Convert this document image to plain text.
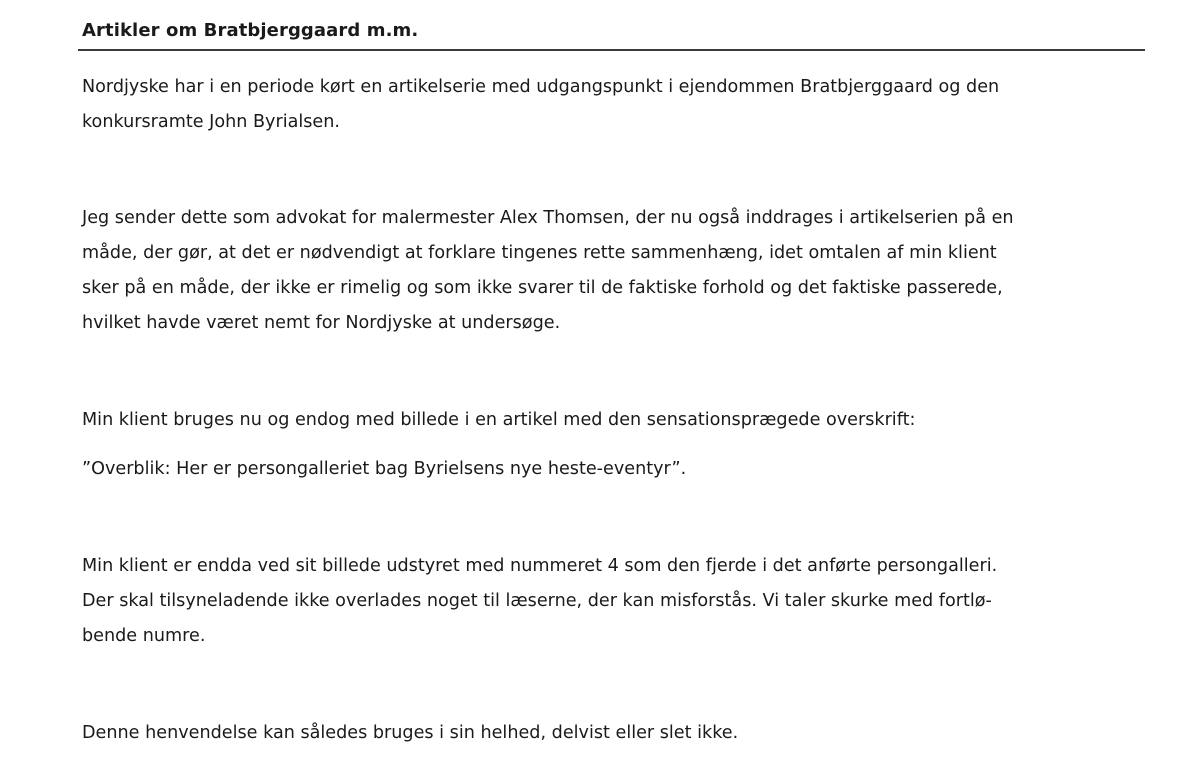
Artikler om Bratbjerggaard m.m.
Nordjyske har i en periode kørt en artikelserie med udgangspunkt i ejendommen Bratbjerggaard og den
konkursramte John Byrialsen.
Jeg sender dette som advokat for malermester Alex Thomsen, der nu også inddrages i artikelserien på en
måde, der gør, at det er nødvendigt at forklare tingenes rette sammenhæng, idet omtalen af min klient
sker på en måde, der ikke er rimelig og som ikke svarer til de faktiske forhold og det faktiske passerede,
hvilket havde været nemt for Nordjyske at undersøge.
Min klient bruges nu og endog med billede i en artikel med den sensationsprægede overskrift:
”Overblik: Her er persongalleriet bag Byrielsens nye heste-eventyr”.
Min klient er endda ved sit billede udstyret med nummeret 4 som den fjerde i det anførte persongalleri.
Der skal tilsyneladende ikke overlades noget til læserne, der kan misforstås. Vi taler skurke med fortlø-
bende numre.
Denne henvendelse kan således bruges i sin helhed, delvist eller slet ikke.
